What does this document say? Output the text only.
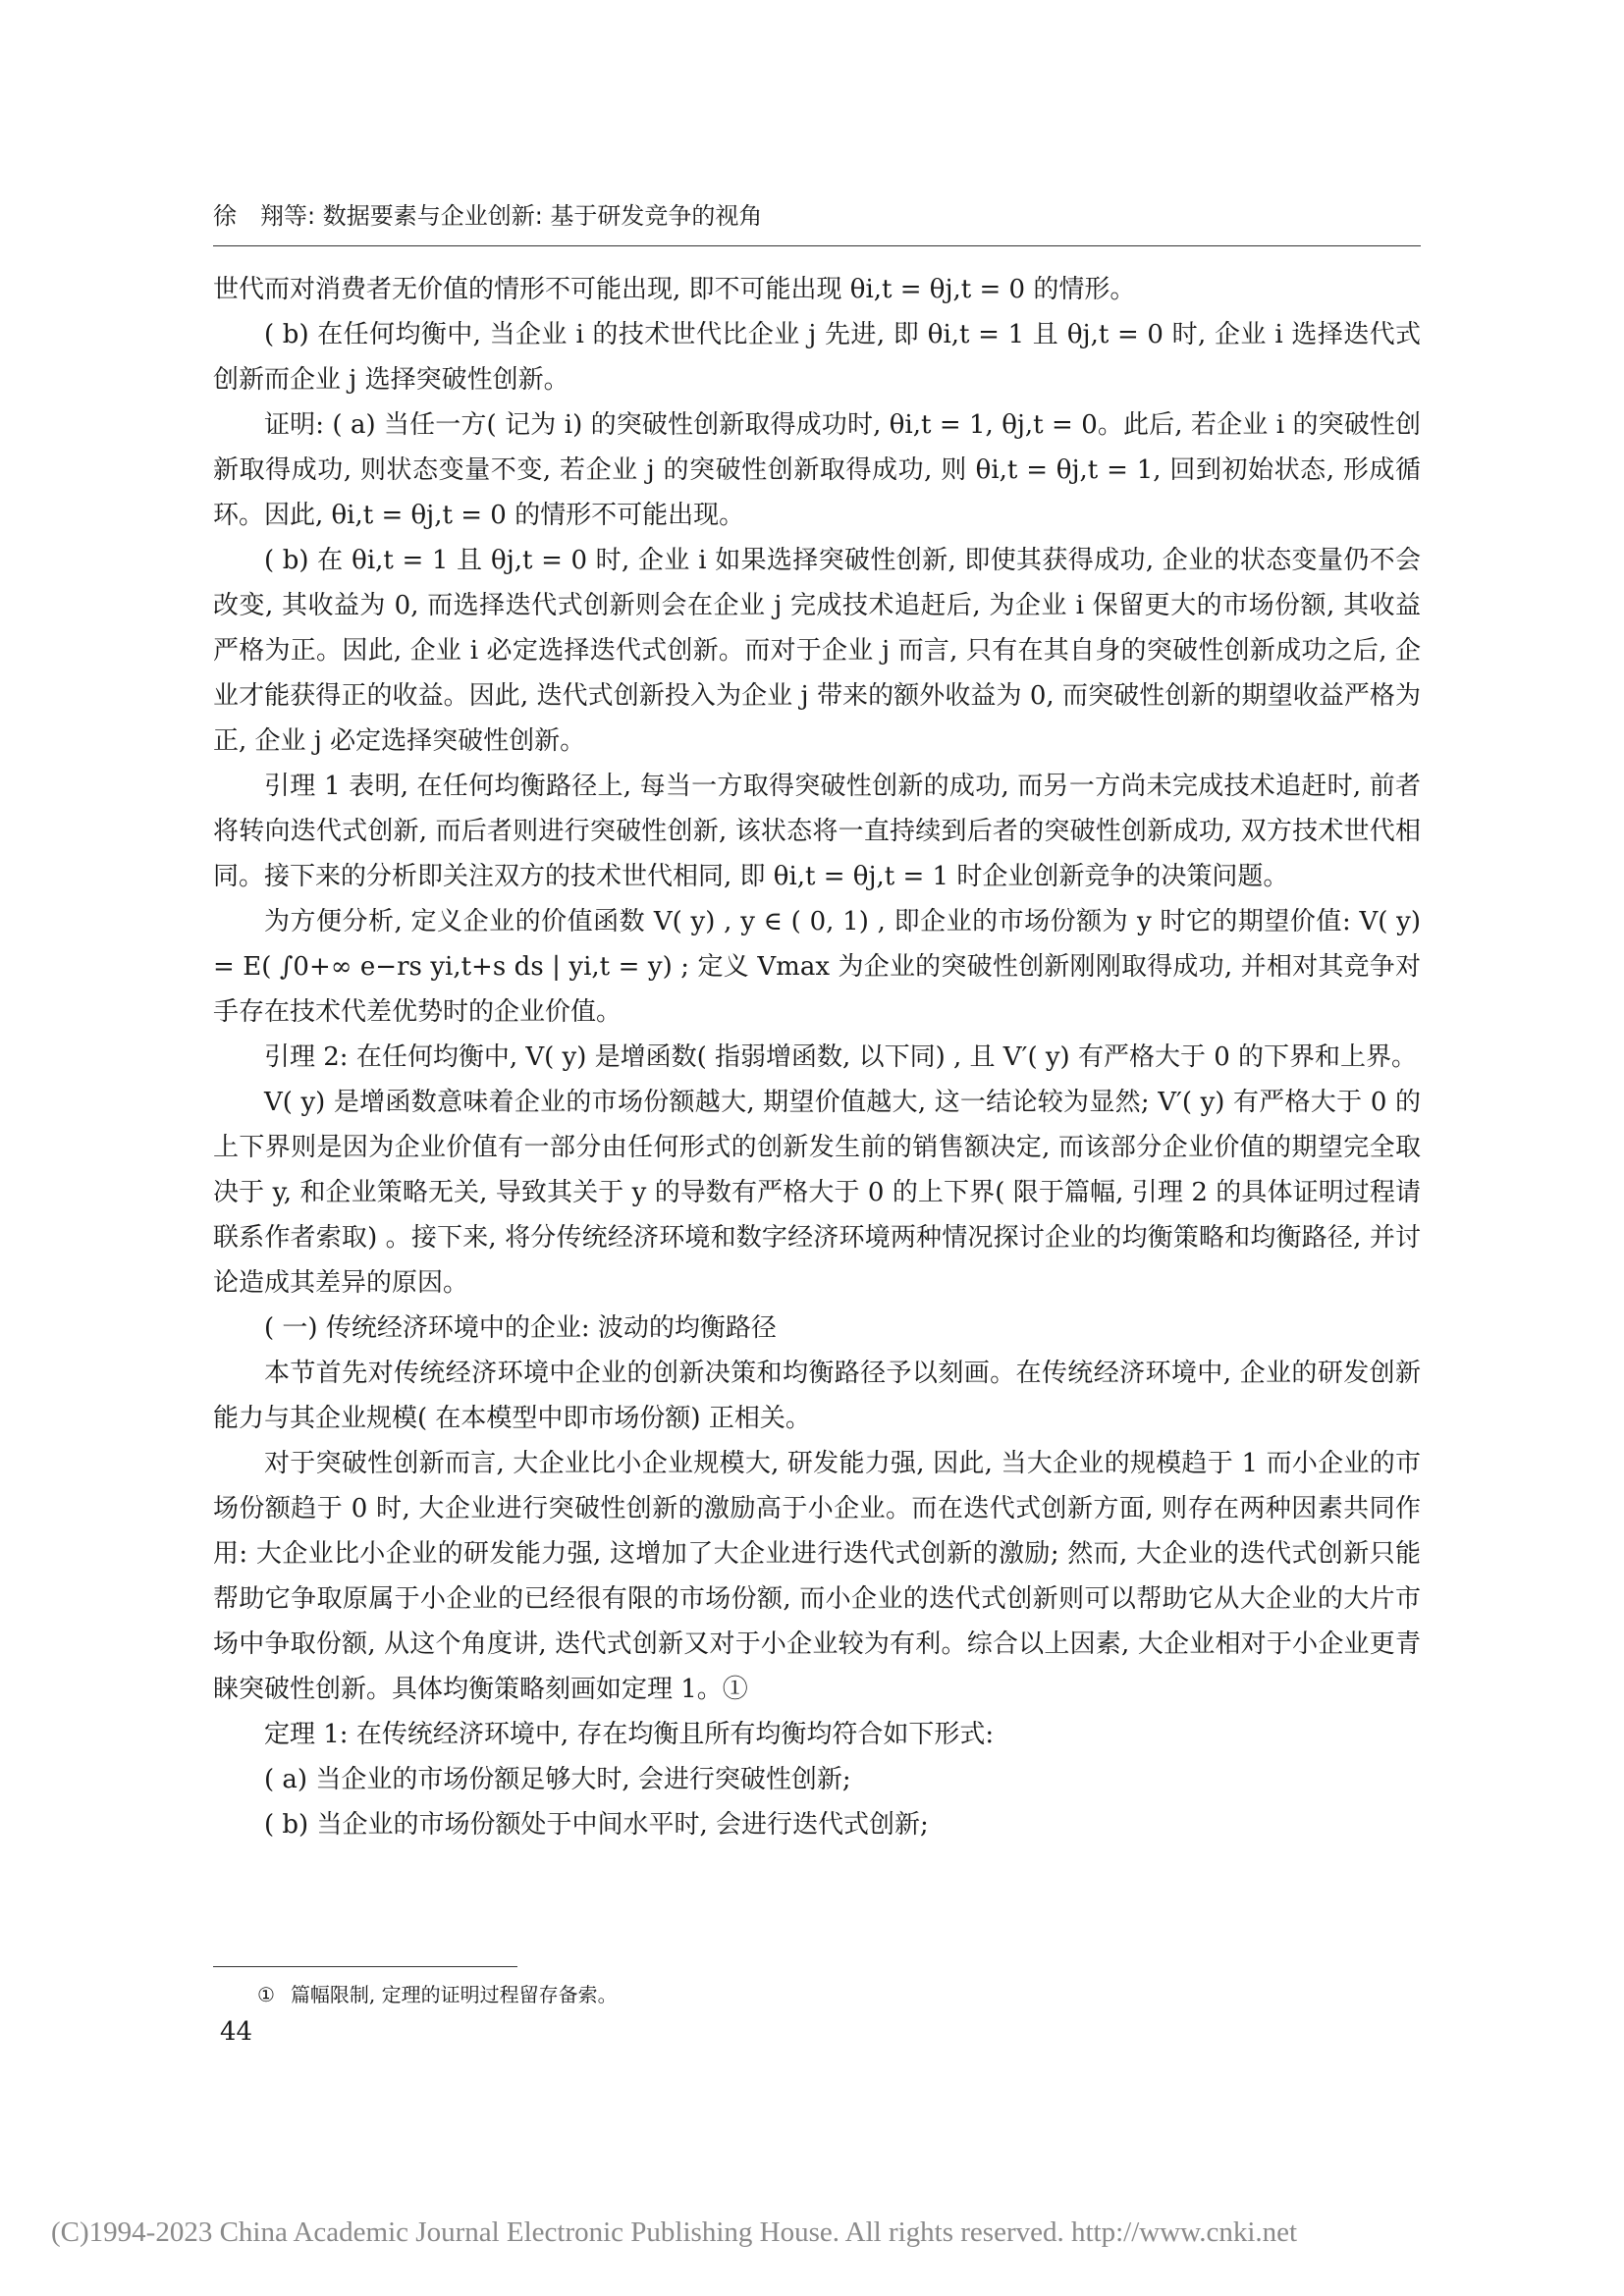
徐　翔等: 数据要素与企业创新: 基于研发竞争的视角

世代而对消费者无价值的情形不可能出现, 即不可能出现 θi,t = θj,t = 0 的情形。

( b) 在任何均衡中, 当企业 i 的技术世代比企业 j 先进, 即 θi,t = 1 且 θj,t = 0 时, 企业 i 选择迭代式创新而企业 j 选择突破性创新。

证明: ( a) 当任一方( 记为 i) 的突破性创新取得成功时, θi,t = 1, θj,t = 0。此后, 若企业 i 的突破性创新取得成功, 则状态变量不变, 若企业 j 的突破性创新取得成功, 则 θi,t = θj,t = 1, 回到初始状态, 形成循环。因此, θi,t = θj,t = 0 的情形不可能出现。

( b) 在 θi,t = 1 且 θj,t = 0 时, 企业 i 如果选择突破性创新, 即使其获得成功, 企业的状态变量仍不会改变, 其收益为 0, 而选择迭代式创新则会在企业 j 完成技术追赶后, 为企业 i 保留更大的市场份额, 其收益严格为正。因此, 企业 i 必定选择迭代式创新。而对于企业 j 而言, 只有在其自身的突破性创新成功之后, 企业才能获得正的收益。因此, 迭代式创新投入为企业 j 带来的额外收益为 0, 而突破性创新的期望收益严格为正, 企业 j 必定选择突破性创新。

引理 1 表明, 在任何均衡路径上, 每当一方取得突破性创新的成功, 而另一方尚未完成技术追赶时, 前者将转向迭代式创新, 而后者则进行突破性创新, 该状态将一直持续到后者的突破性创新成功, 双方技术世代相同。接下来的分析即关注双方的技术世代相同, 即 θi,t = θj,t = 1 时企业创新竞争的决策问题。

为方便分析, 定义企业的价值函数 V( y) , y ∈ ( 0, 1) , 即企业的市场份额为 y 时它的期望价值: V( y) = E( ∫0+∞ e−rs yi,t+s ds | yi,t = y) ; 定义 Vmax 为企业的突破性创新刚刚取得成功, 并相对其竞争对手存在技术代差优势时的企业价值。

引理 2: 在任何均衡中, V( y) 是增函数( 指弱增函数, 以下同) , 且 V′( y) 有严格大于 0 的下界和上界。

V( y) 是增函数意味着企业的市场份额越大, 期望价值越大, 这一结论较为显然; V′( y) 有严格大于 0 的上下界则是因为企业价值有一部分由任何形式的创新发生前的销售额决定, 而该部分企业价值的期望完全取决于 y, 和企业策略无关, 导致其关于 y 的导数有严格大于 0 的上下界( 限于篇幅, 引理 2 的具体证明过程请联系作者索取) 。接下来, 将分传统经济环境和数字经济环境两种情况探讨企业的均衡策略和均衡路径, 并讨论造成其差异的原因。

( 一) 传统经济环境中的企业: 波动的均衡路径

本节首先对传统经济环境中企业的创新决策和均衡路径予以刻画。在传统经济环境中, 企业的研发创新能力与其企业规模( 在本模型中即市场份额) 正相关。

对于突破性创新而言, 大企业比小企业规模大, 研发能力强, 因此, 当大企业的规模趋于 1 而小企业的市场份额趋于 0 时, 大企业进行突破性创新的激励高于小企业。而在迭代式创新方面, 则存在两种因素共同作用: 大企业比小企业的研发能力强, 这增加了大企业进行迭代式创新的激励; 然而, 大企业的迭代式创新只能帮助它争取原属于小企业的已经很有限的市场份额, 而小企业的迭代式创新则可以帮助它从大企业的大片市场中争取份额, 从这个角度讲, 迭代式创新又对于小企业较为有利。综合以上因素, 大企业相对于小企业更青睐突破性创新。具体均衡策略刻画如定理 1。①

定理 1: 在传统经济环境中, 存在均衡且所有均衡均符合如下形式:

( a) 当企业的市场份额足够大时, 会进行突破性创新;

( b) 当企业的市场份额处于中间水平时, 会进行迭代式创新;

① 篇幅限制, 定理的证明过程留存备索。
44
(C)1994-2023 China Academic Journal Electronic Publishing House. All rights reserved. http://www.cnki.net
